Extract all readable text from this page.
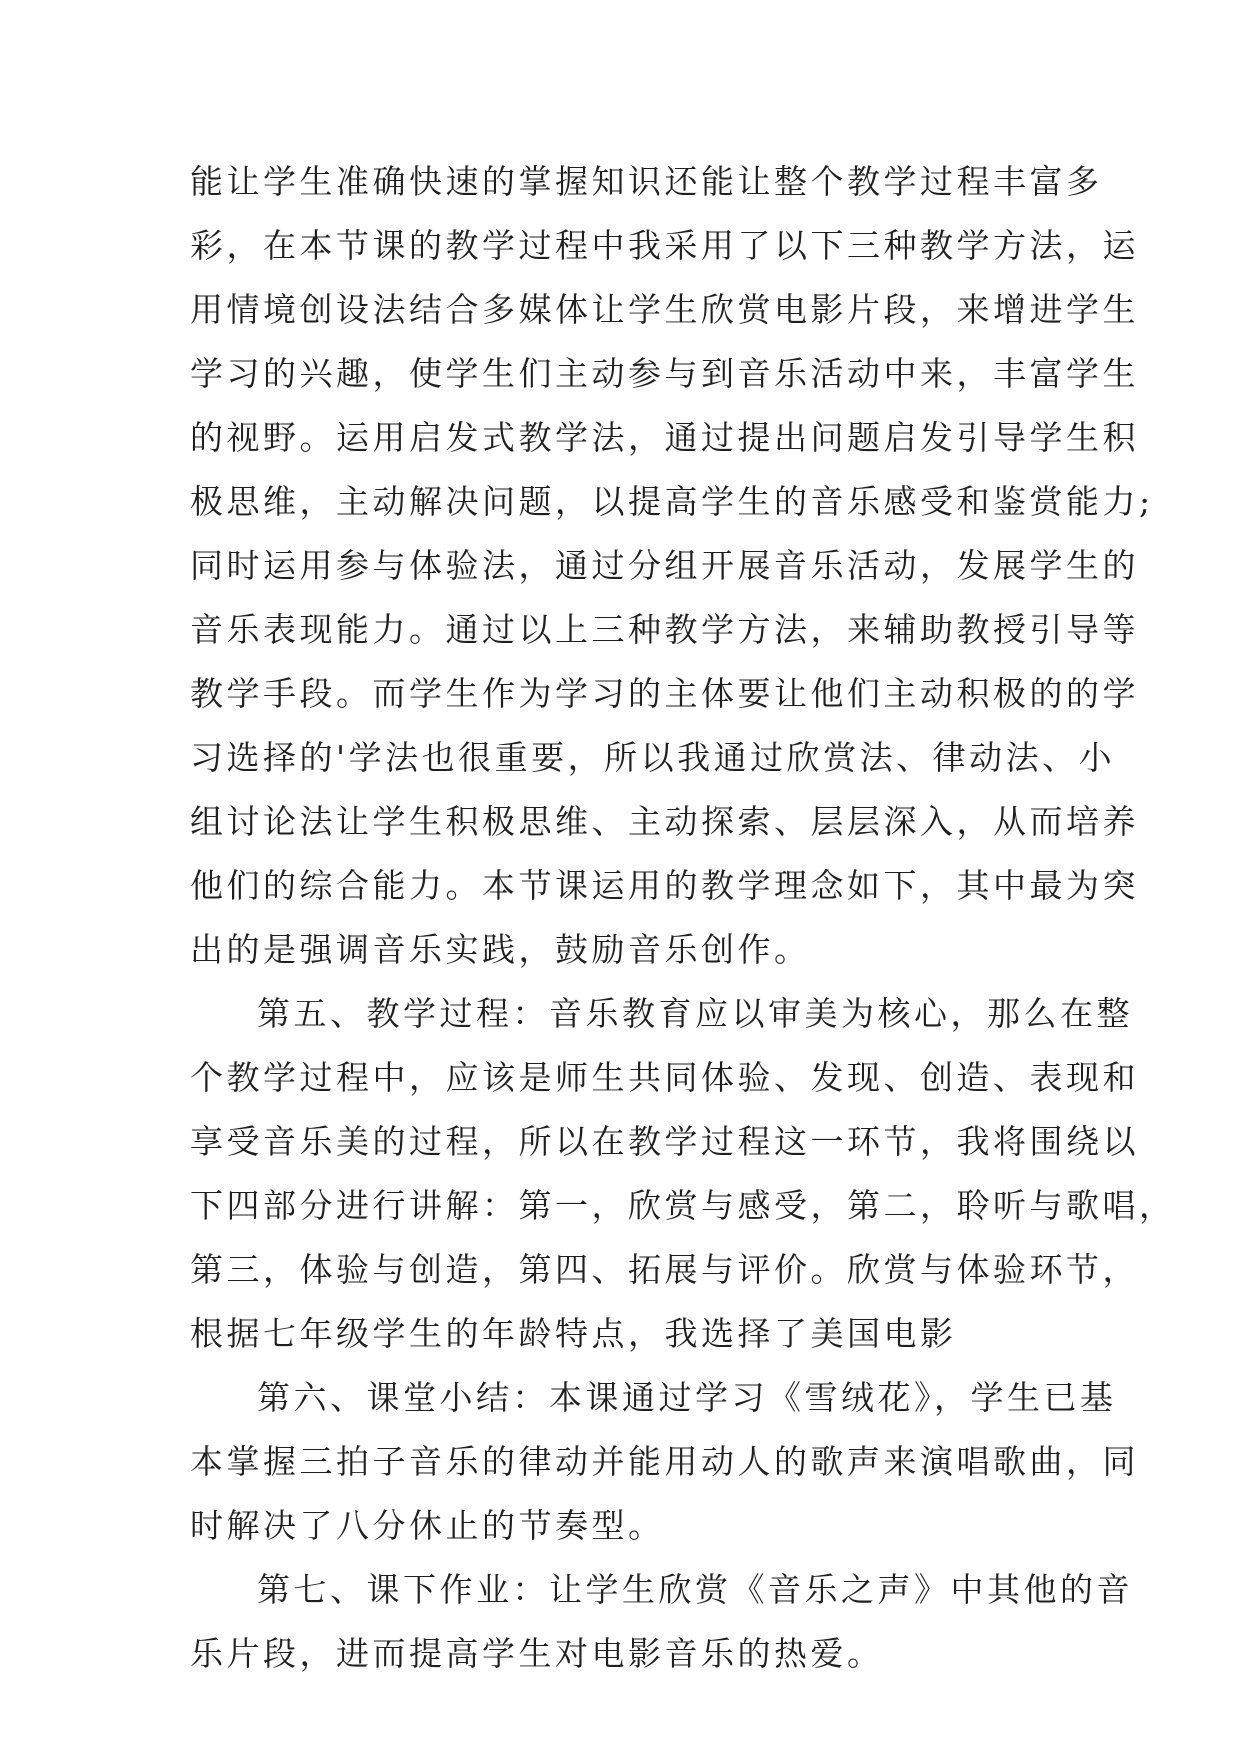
能让学生准确快速的掌握知识还能让整个教学过程丰富多
彩，在本节课的教学过程中我采用了以下三种教学方法，运
用情境创设法结合多媒体让学生欣赏电影片段，来增进学生
学习的兴趣，使学生们主动参与到音乐活动中来，丰富学生
的视野。运用启发式教学法，通过提出问题启发引导学生积
极思维，主动解决问题，以提高学生的音乐感受和鉴赏能力;
同时运用参与体验法，通过分组开展音乐活动，发展学生的
音乐表现能力。通过以上三种教学方法，来辅助教授引导等
教学手段。而学生作为学习的主体要让他们主动积极的的学
习选择的'学法也很重要，所以我通过欣赏法、律动法、小
组讨论法让学生积极思维、主动探索、层层深入，从而培养
他们的综合能力。本节课运用的教学理念如下，其中最为突
出的是强调音乐实践，鼓励音乐创作。
第五、教学过程：音乐教育应以审美为核心，那么在整
个教学过程中，应该是师生共同体验、发现、创造、表现和
享受音乐美的过程，所以在教学过程这一环节，我将围绕以
下四部分进行讲解：第一，欣赏与感受，第二，聆听与歌唱，
第三，体验与创造，第四、拓展与评价。欣赏与体验环节，
根据七年级学生的年龄特点，我选择了美国电影
第六、课堂小结：本课通过学习《雪绒花》，学生已基
本掌握三拍子音乐的律动并能用动人的歌声来演唱歌曲，同
时解决了八分休止的节奏型。
第七、课下作业：让学生欣赏《音乐之声》中其他的音
乐片段，进而提高学生对电影音乐的热爱。
